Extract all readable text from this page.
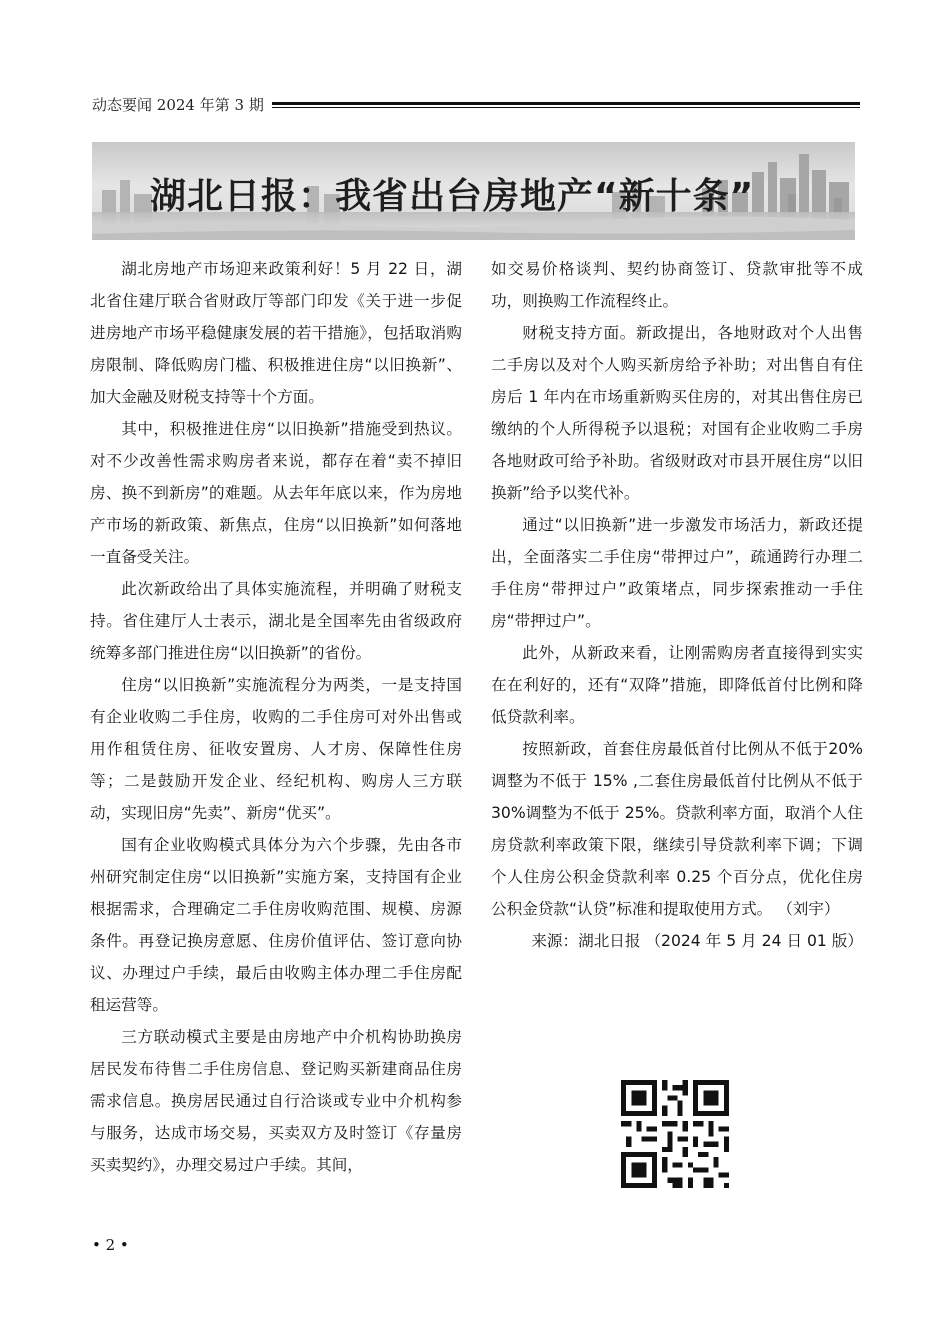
动态要闻 2024 年第 3 期
湖北日报：我省出台房地产“新十条”

湖北房地产市场迎来政策利好！5 月 22 日，湖北省住建厅联合省财政厅等部门印发《关于进一步促进房地产市场平稳健康发展的若干措施》，包括取消购房限制、降低购房门槛、积极推进住房“以旧换新”、加大金融及财税支持等十个方面。

其中，积极推进住房“以旧换新”措施受到热议。对不少改善性需求购房者来说，都存在着“卖不掉旧房、换不到新房”的难题。从去年年底以来，作为房地产市场的新政策、新焦点，住房“以旧换新”如何落地一直备受关注。

此次新政给出了具体实施流程，并明确了财税支持。省住建厅人士表示，湖北是全国率先由省级政府统筹多部门推进住房“以旧换新”的省份。

住房“以旧换新”实施流程分为两类，一是支持国有企业收购二手住房，收购的二手住房可对外出售或用作租赁住房、征收安置房、人才房、保障性住房等；二是鼓励开发企业、经纪机构、购房人三方联动，实现旧房“先卖”、新房“优买”。

国有企业收购模式具体分为六个步骤，先由各市州研究制定住房“以旧换新”实施方案，支持国有企业根据需求，合理确定二手住房收购范围、规模、房源条件。再登记换房意愿、住房价值评估、签订意向协议、办理过户手续，最后由收购主体办理二手住房配租运营等。

三方联动模式主要是由房地产中介机构协助换房居民发布待售二手住房信息、登记购买新建商品住房需求信息。换房居民通过自行洽谈或专业中介机构参与服务，达成市场交易，买卖双方及时签订《存量房买卖契约》，办理交易过户手续。其间，

如交易价格谈判、契约协商签订、贷款审批等不成功，则换购工作流程终止。

财税支持方面。新政提出，各地财政对个人出售二手房以及对个人购买新房给予补助；对出售自有住房后 1 年内在市场重新购买住房的，对其出售住房已缴纳的个人所得税予以退税；对国有企业收购二手房各地财政可给予补助。省级财政对市县开展住房“以旧换新”给予以奖代补。

通过“以旧换新”进一步激发市场活力，新政还提出，全面落实二手住房“带押过户”，疏通跨行办理二手住房“带押过户”政策堵点，同步探索推动一手住房“带押过户”。

此外，从新政来看，让刚需购房者直接得到实实在在利好的，还有“双降”措施，即降低首付比例和降低贷款利率。

按照新政，首套住房最低首付比例从不低于20%调整为不低于 15% ,二套住房最低首付比例从不低于 30%调整为不低于 25%。贷款利率方面，取消个人住房贷款利率政策下限，继续引导贷款利率下调；下调个人住房公积金贷款利率 0.25 个百分点，优化住房公积金贷款“认贷”标准和提取使用方式。 （刘宇）

来源：湖北日报 （2024 年 5 月 24 日 01 版）

• 2 •
